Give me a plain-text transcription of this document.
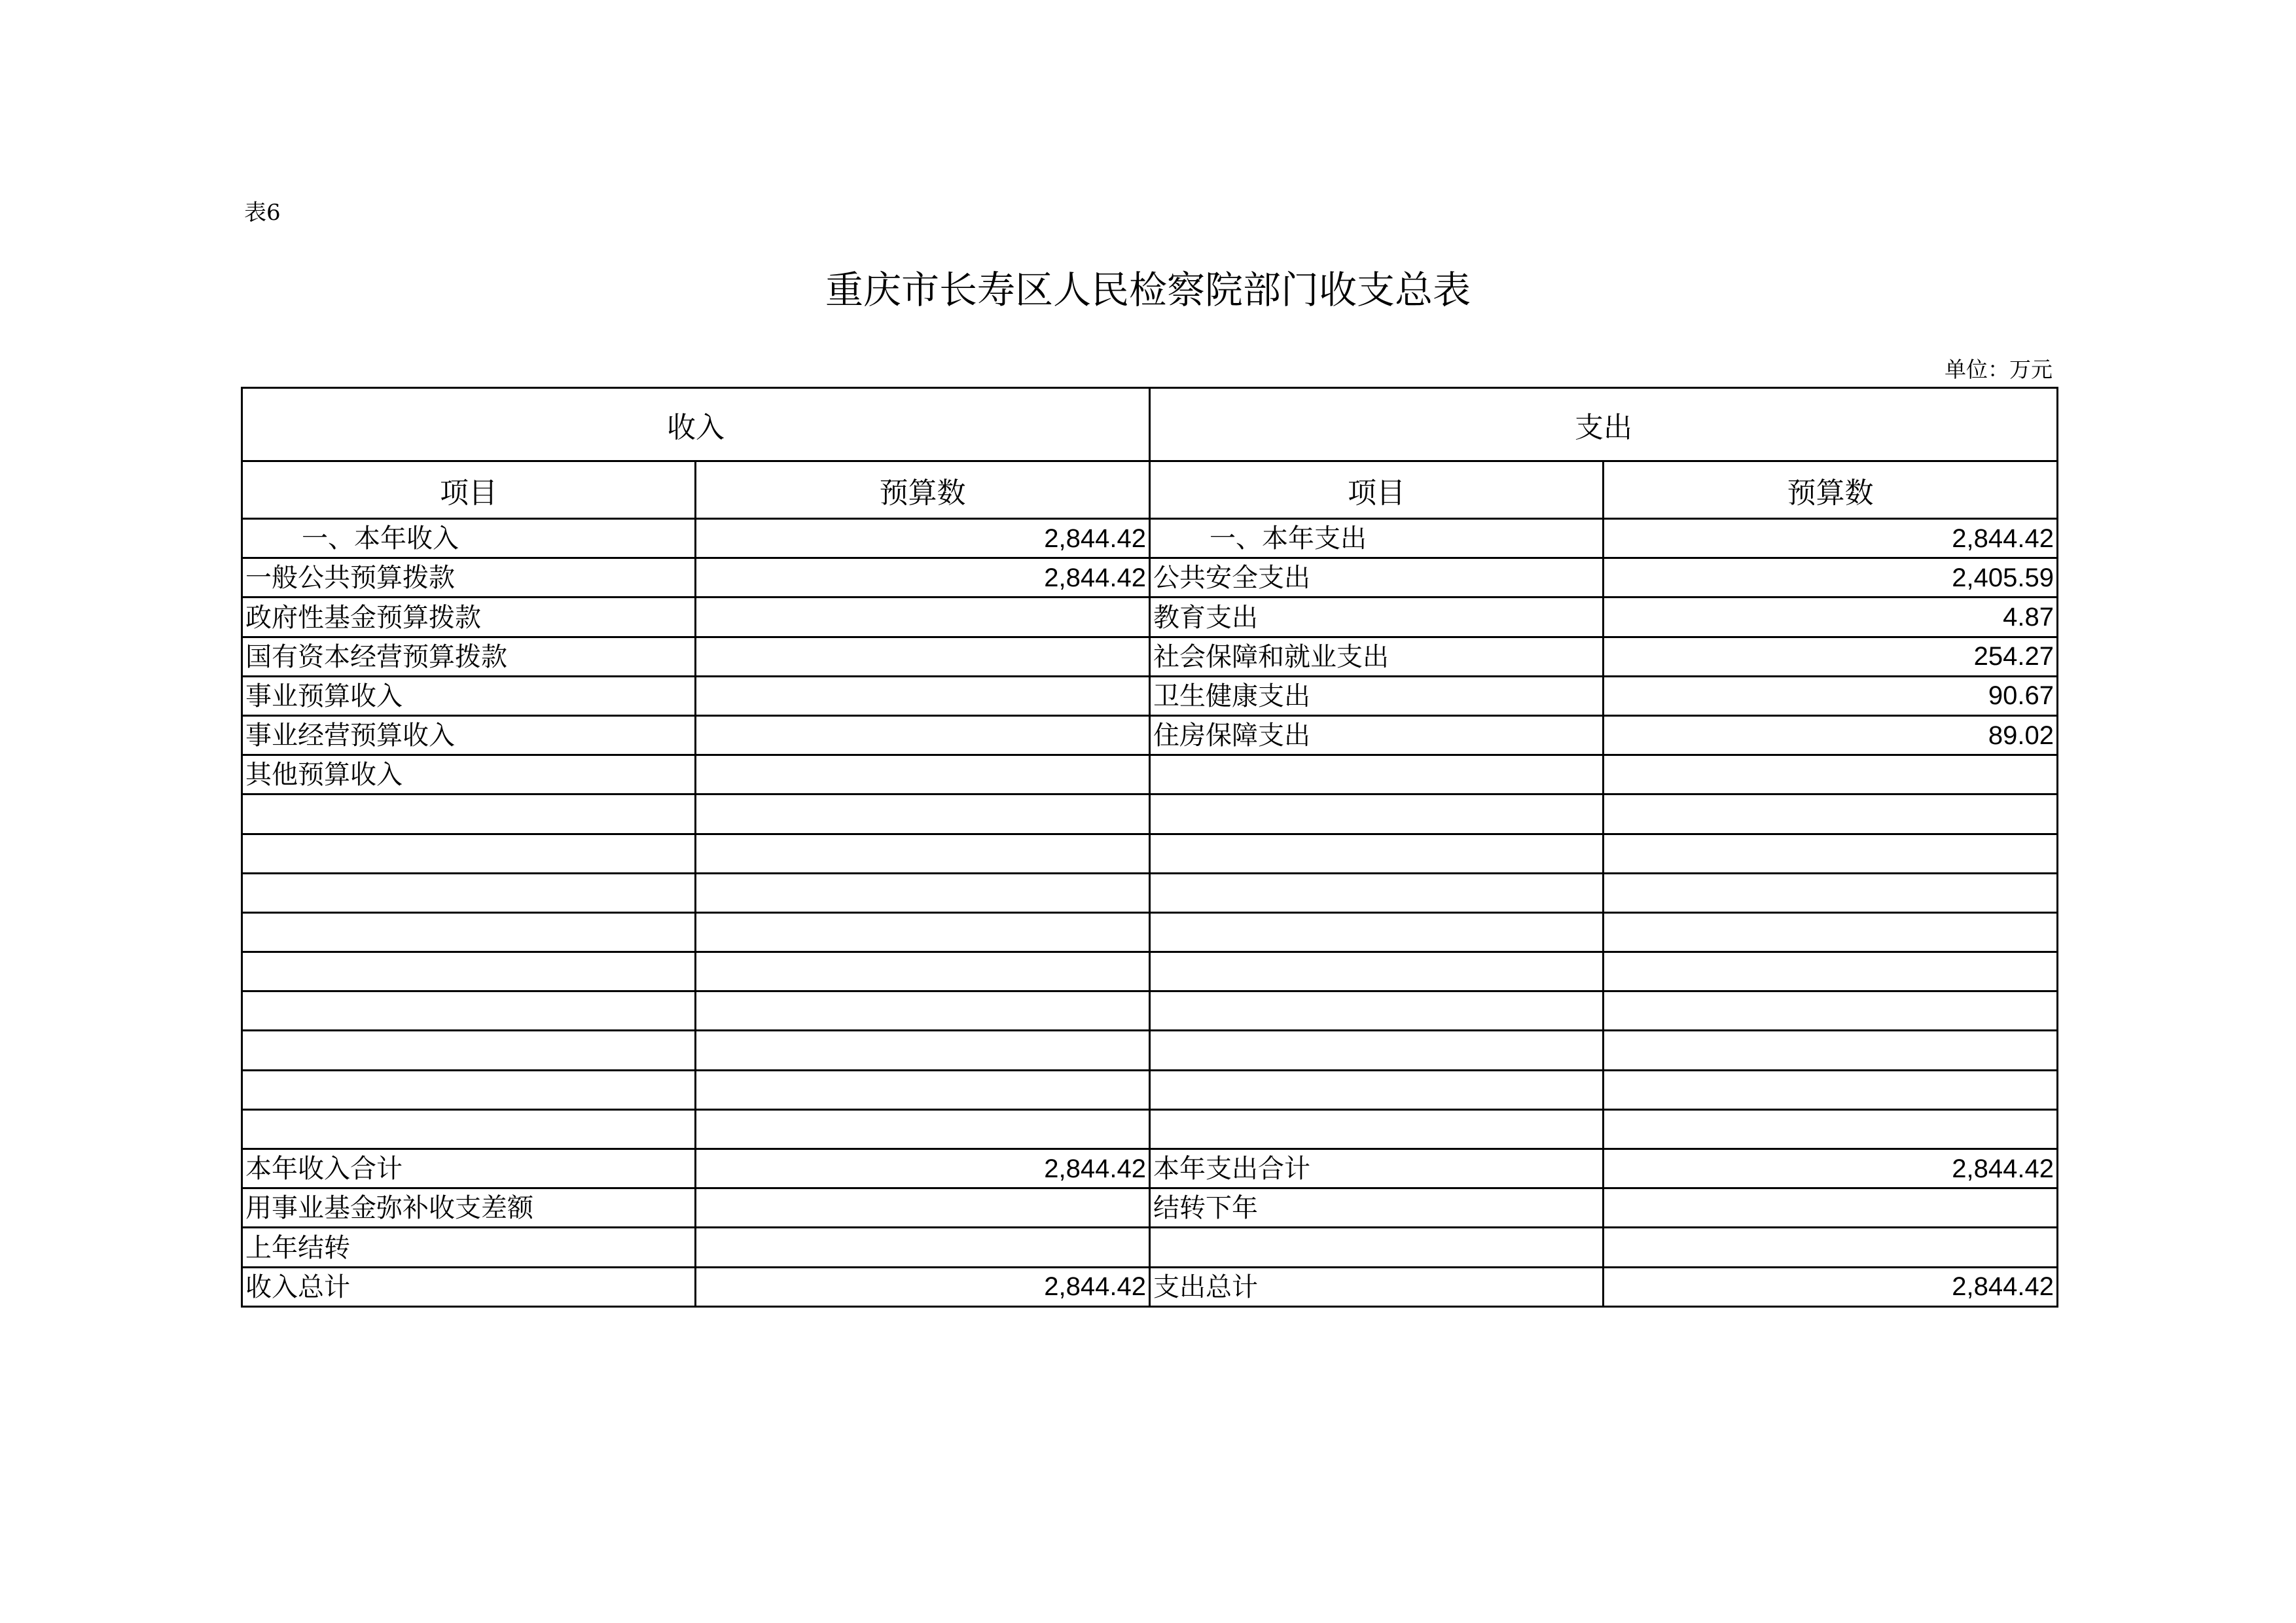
表6
重庆市长寿区人民检察院部门收支总表
单位：万元
收入		支出	
项目	预算数	项目	预算数
一、本年收入	2,844.42	一、本年支出	2,844.42
一般公共预算拨款	2,844.42	公共安全支出	2,405.59
政府性基金预算拨款		教育支出	4.87
国有资本经营预算拨款		社会保障和就业支出	254.27
事业预算收入		卫生健康支出	90.67
事业经营预算收入		住房保障支出	89.02
其他预算收入			

本年收入合计	2,844.42	本年支出合计	2,844.42
用事业基金弥补收支差额		结转下年	
上年结转			
收入总计	2,844.42	支出总计	2,844.42
